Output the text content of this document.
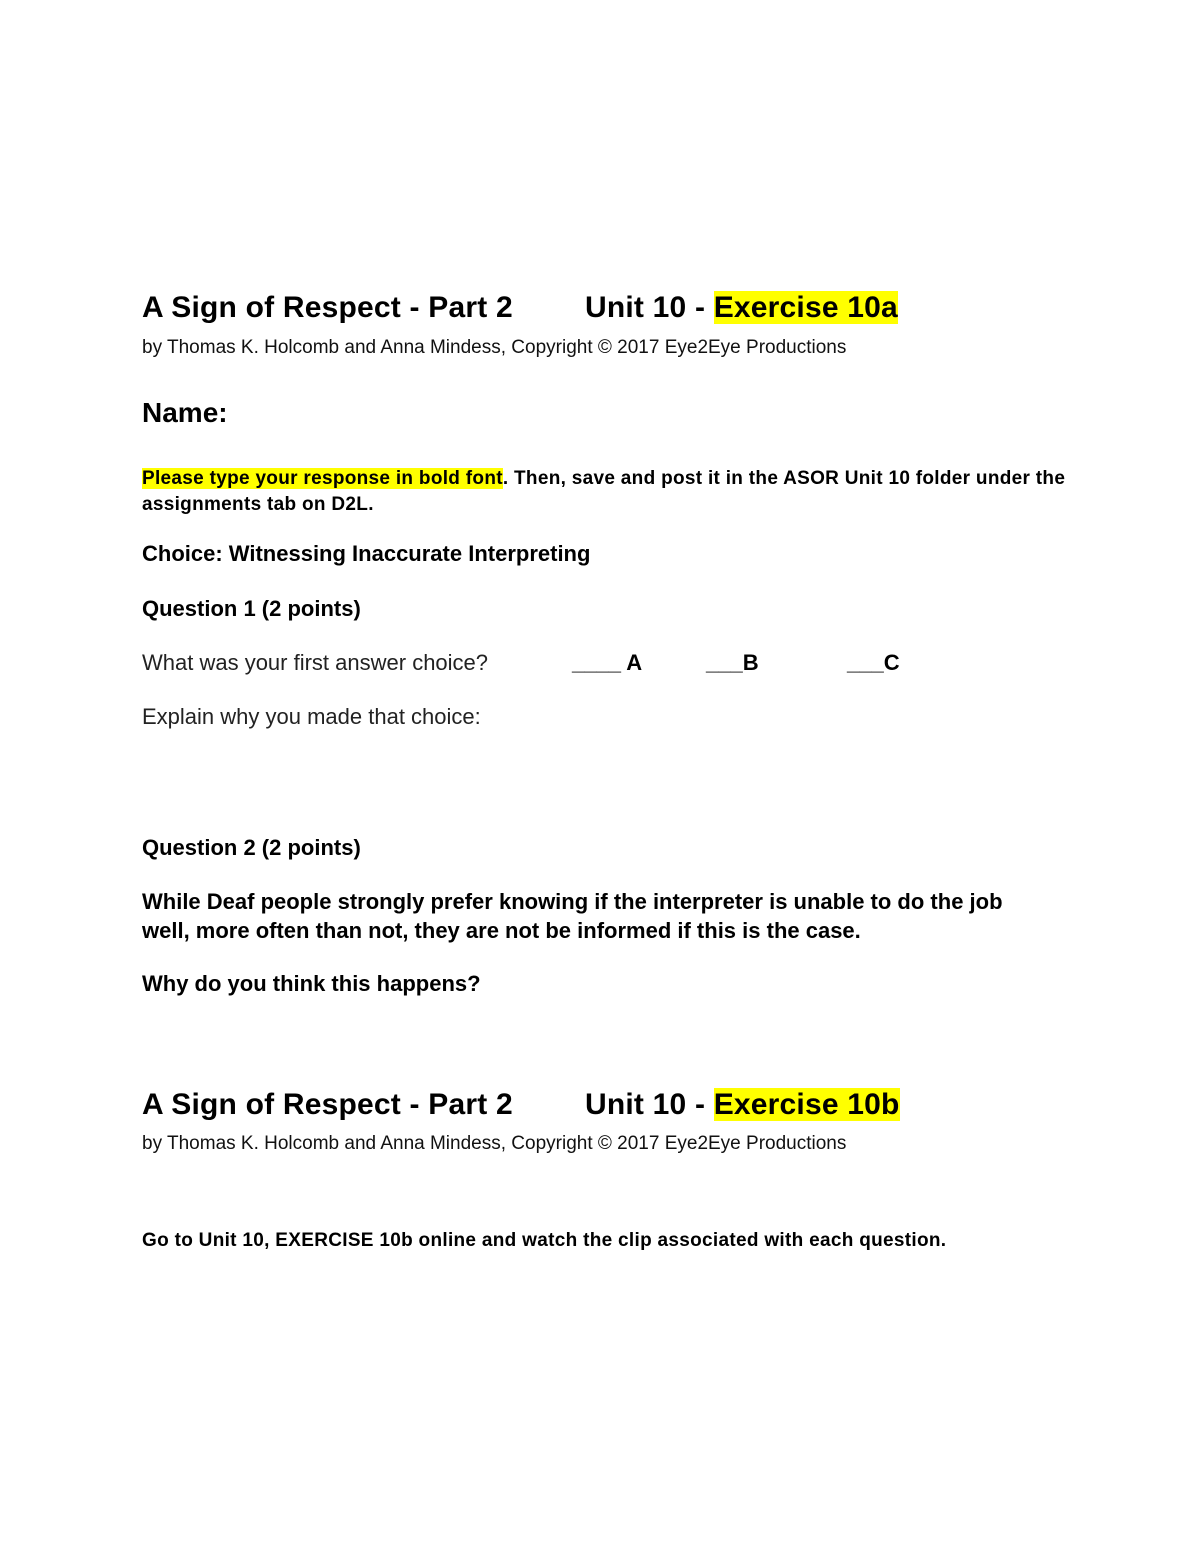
A Sign of Respect - Part 2 Unit 10 - Exercise 10a
by Thomas K. Holcomb and Anna Mindess, Copyright © 2017 Eye2Eye Productions
Name:
Please type your response in bold font. Then, save and post it in the ASOR Unit 10 folder under the assignments tab on D2L.
Choice: Witnessing Inaccurate Interpreting
Question 1 (2 points)
What was your first answer choice?	____ A	___B	___C
Explain why you made that choice:
Question 2 (2 points)
While Deaf people strongly prefer knowing if the interpreter is unable to do the job well, more often than not, they are not be informed if this is the case.
Why do you think this happens?
A Sign of Respect - Part 2 Unit 10 - Exercise 10b
by Thomas K. Holcomb and Anna Mindess, Copyright © 2017 Eye2Eye Productions
Go to Unit 10, EXERCISE 10b online and watch the clip associated with each question.
